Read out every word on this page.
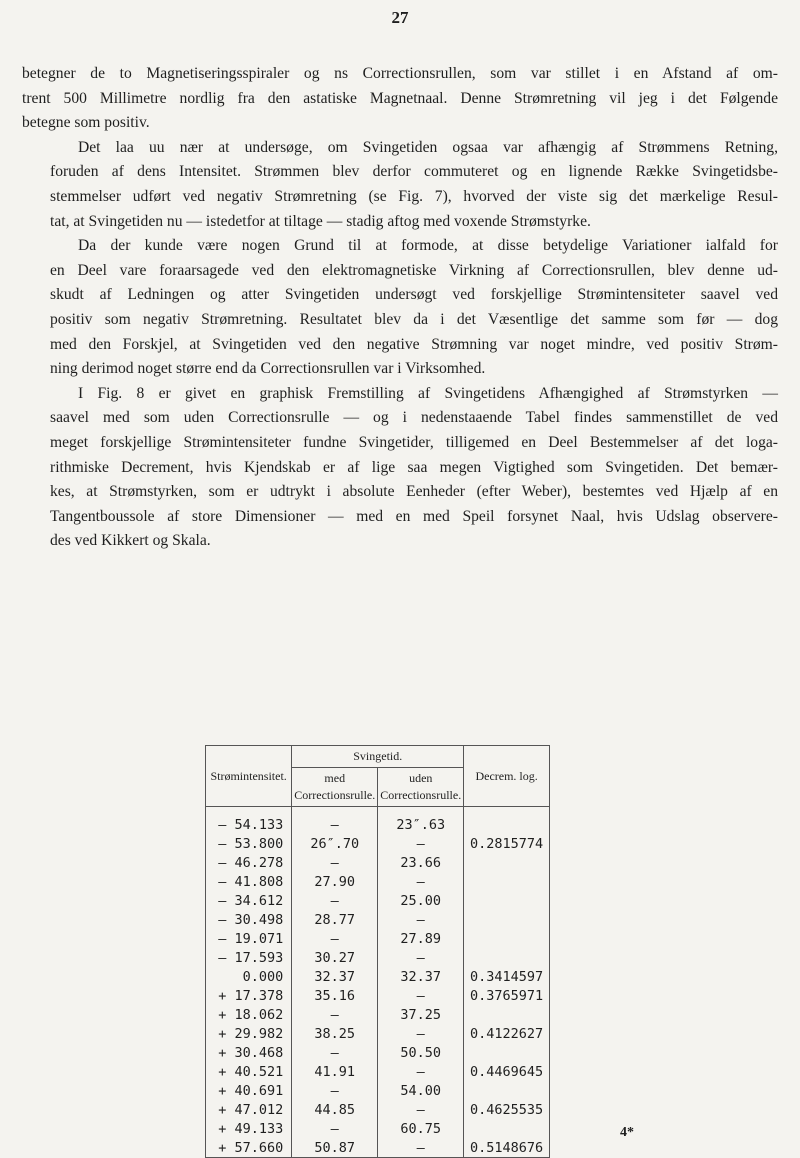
27

betegner de to Magnetiseringsspiraler og ns Correctionsrullen, som var stillet i en Afstand af om-
trent 500 Millimetre nordlig fra den astatiske Magnetnaal. Denne Strømretning vil jeg i det Følgende
betegne som positiv.

Det laa uu nær at undersøge, om Svingetiden ogsaa var afhængig af Strømmens Retning,
foruden af dens Intensitet. Strømmen blev derfor commuteret og en lignende Række Svingetidsbe-
stemmelser udført ved negativ Strømretning (se Fig. 7), hvorved der viste sig det mærkelige Resul-
tat, at Svingetiden nu — istedetfor at tiltage — stadig aftog med voxende Strømstyrke.

Da der kunde være nogen Grund til at formode, at disse betydelige Variationer ialfald for
en Deel vare foraarsagede ved den elektromagnetiske Virkning af Correctionsrullen, blev denne ud-
skudt af Ledningen og atter Svingetiden undersøgt ved forskjellige Strømintensiteter saavel ved
positiv som negativ Strømretning. Resultatet blev da i det Væsentlige det samme som før — dog
med den Forskjel, at Svingetiden ved den negative Strømning var noget mindre, ved positiv Strøm-
ning derimod noget større end da Correctionsrullen var i Virksomhed.

I Fig. 8 er givet en graphisk Fremstilling af Svingetidens Afhængighed af Strømstyrken —
saavel med som uden Correctionsrulle — og i nedenstaaende Tabel findes sammenstillet de ved
meget forskjellige Strømintensiteter fundne Svingetider, tilligemed en Deel Bestemmelser af det loga-
rithmiske Decrement, hvis Kjendskab er af lige saa megen Vigtighed som Svingetiden. Det bemær-
kes, at Strømstyrken, som er udtrykt i absolute Eenheder (efter Weber), bestemtes ved Hjælp af en
Tangentboussole af store Dimensioner — med en med Speil forsynet Naal, hvis Udslag observere-
des ved Kikkert og Skala.

Strømintensitet.	Svingetid.		Decrem. log.
	med Correctionsrulle.	uden Correctionsrulle.	
— 54.133	—	23″.63	
— 53.800	26″.70	—	0.2815774
— 46.278	—	23.66	
— 41.808	27.90	—	
— 34.612	—	25.00	
— 30.498	28.77	—	
— 19.071	—	27.89	
— 17.593	30.27	—	
0.000	32.37	32.37	0.3414597
+ 17.378	35.16	—	0.3765971
+ 18.062	—	37.25	
+ 29.982	38.25	—	0.4122627
+ 30.468	—	50.50	
+ 40.521	41.91	—	0.4469645
+ 40.691	—	54.00	
+ 47.012	44.85	—	0.4625535
+ 49.133	—	60.75	
+ 57.660	50.87	—	0.5148676
4*
